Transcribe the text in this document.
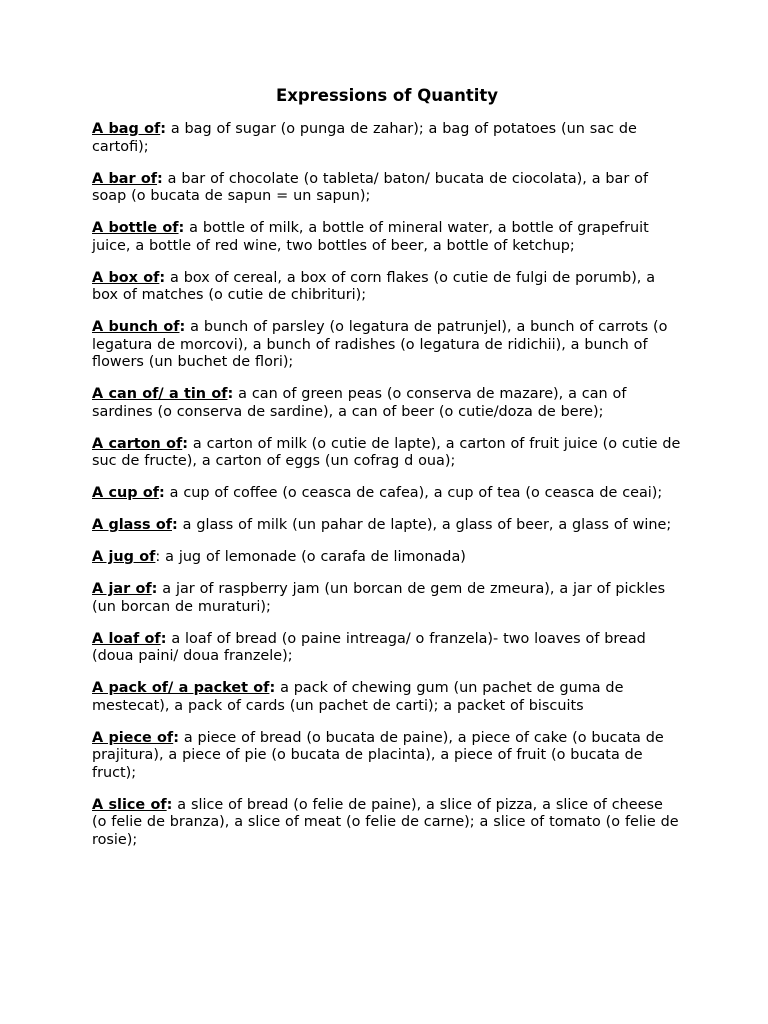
Expressions of Quantity
A bag of: a bag of sugar (o punga de zahar); a bag of potatoes (un sac de cartofi);
A bar of: a bar of chocolate (o tableta/ baton/ bucata de ciocolata), a bar of soap (o bucata de sapun = un sapun);
A bottle of: a bottle of milk, a bottle of mineral water, a bottle of grapefruit juice, a bottle of red wine, two bottles of beer, a bottle of ketchup;
A box of: a box of cereal, a box of corn flakes (o cutie de fulgi de porumb), a box of matches (o cutie de chibrituri);
A bunch of: a bunch of parsley (o legatura de patrunjel), a bunch of carrots (o legatura de morcovi), a bunch of radishes (o legatura de ridichii), a bunch of flowers (un buchet de flori);
A can of/ a tin of: a can of green peas (o conserva de mazare), a can of sardines (o conserva de sardine), a can of beer (o cutie/doza de bere);
A carton of: a carton of milk (o cutie de lapte), a carton of fruit juice (o cutie de suc de fructe), a carton of eggs (un cofrag d oua);
A cup of: a cup of coffee (o ceasca de cafea), a cup of tea (o ceasca de ceai);
A glass of: a glass of milk (un pahar de lapte), a glass of beer, a glass of wine;
A jug of: a jug of lemonade (o carafa de limonada)
A jar of: a jar of raspberry jam (un borcan de gem de zmeura), a jar of pickles (un borcan de muraturi);
A loaf of: a loaf of bread (o paine intreaga/ o franzela)- two loaves of bread (doua paini/ doua franzele);
A pack of/ a packet of: a pack of chewing gum (un pachet de guma de mestecat), a pack of cards (un pachet de carti); a packet of biscuits
A piece of: a piece of bread (o bucata de paine), a piece of cake (o bucata de prajitura), a piece of pie (o bucata de placinta), a piece of fruit (o bucata de fruct);
A slice of: a slice of bread (o felie de paine), a slice of pizza, a slice of cheese (o felie de branza), a slice of meat (o felie de carne); a slice of tomato (o felie de rosie);
